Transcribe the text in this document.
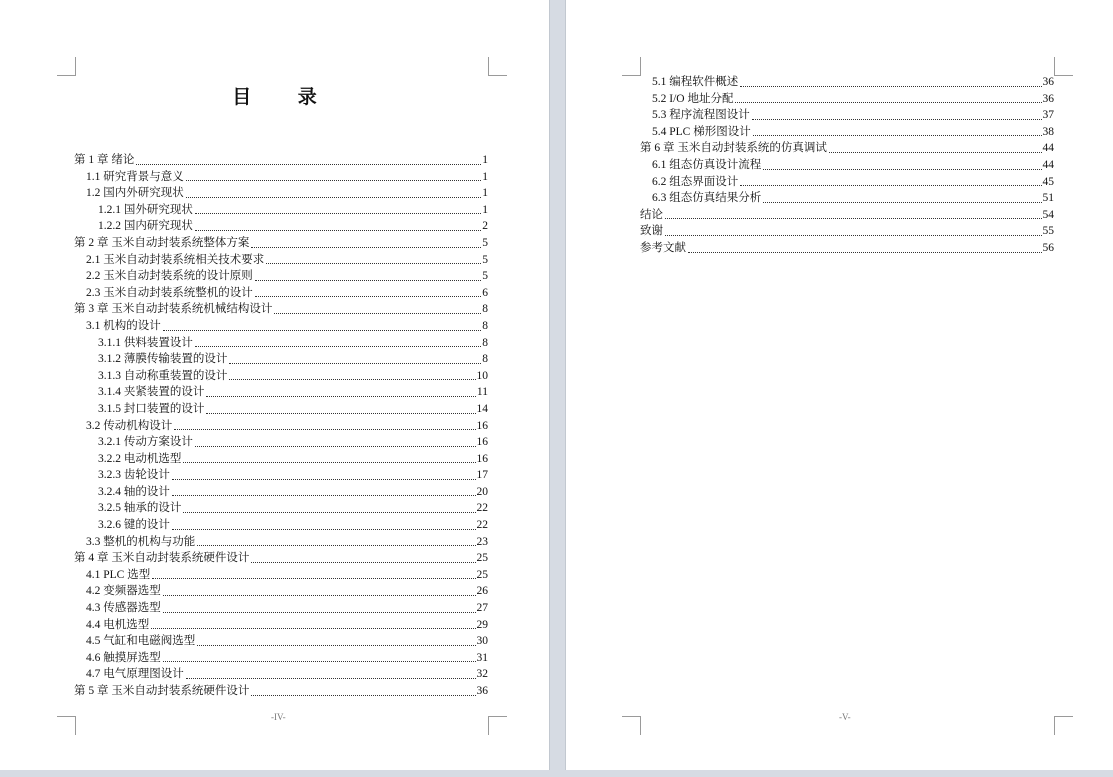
目 录
第 1 章 绪论	1
1.1 研究背景与意义	1
1.2 国内外研究现状	1
1.2.1 国外研究现状	1
1.2.2 国内研究现状	2
第 2 章 玉米自动封装系统整体方案	5
2.1 玉米自动封装系统相关技术要求	5
2.2 玉米自动封装系统的设计原则	5
2.3 玉米自动封装系统整机的设计	6
第 3 章 玉米自动封装系统机械结构设计	8
3.1 机构的设计	8
3.1.1 供料装置设计	8
3.1.2 薄膜传输装置的设计	8
3.1.3 自动称重装置的设计	10
3.1.4 夹紧装置的设计	11
3.1.5 封口装置的设计	14
3.2 传动机构设计	16
3.2.1 传动方案设计	16
3.2.2 电动机选型	16
3.2.3 齿轮设计	17
3.2.4 轴的设计	20
3.2.5 轴承的设计	22
3.2.6 键的设计	22
3.3 整机的机构与功能	23
第 4 章 玉米自动封装系统硬件设计	25
4.1 PLC 选型	25
4.2 变频器选型	26
4.3 传感器选型	27
4.4 电机选型	29
4.5 气缸和电磁阀选型	30
4.6 触摸屏选型	31
4.7 电气原理图设计	32
第 5 章 玉米自动封装系统硬件设计	36
-IV-	-V-
5.1 编程软件概述	36
5.2 I/O 地址分配	36
5.3 程序流程图设计	37
5.4 PLC 梯形图设计	38
第 6 章 玉米自动封装系统的仿真调试	44
6.1 组态仿真设计流程	44
6.2 组态界面设计	45
6.3 组态仿真结果分析	51
结论	54
致谢	55
参考文献	56
